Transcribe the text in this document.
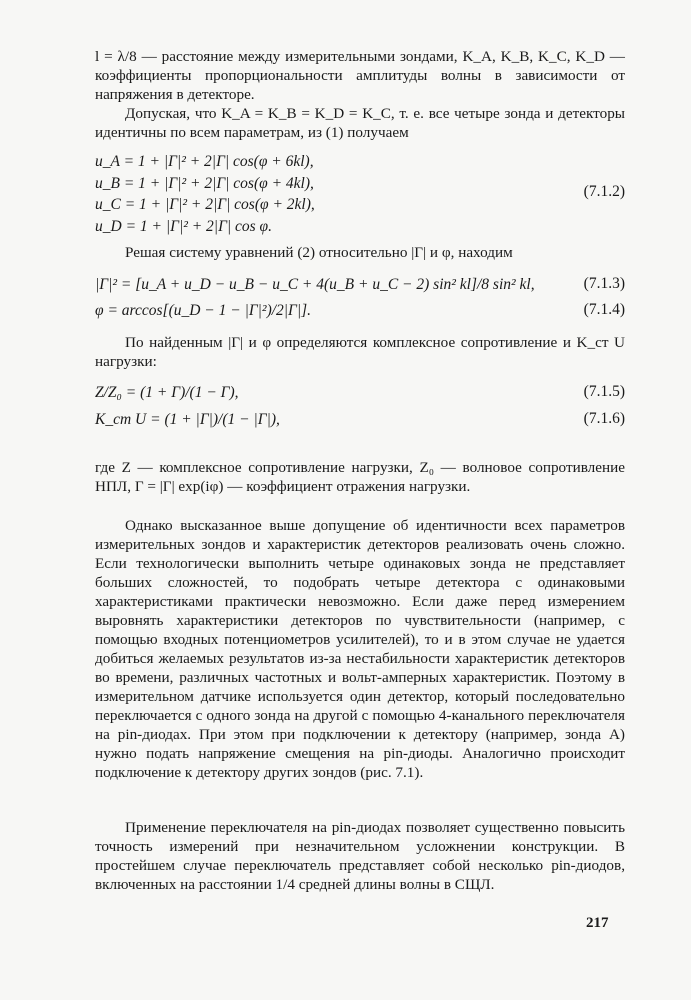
l = λ/8 — расстояние между измерительными зондами, K_A, K_B, K_C, K_D — коэффициенты пропорциональности амплитуды волны в зависимости от напряжения в детекторе.

Допуская, что K_A = K_B = K_D = K_C, т. е. все четыре зонда и детекторы идентичны по всем параметрам, из (1) получаем

u_A = 1 + |Γ|² + 2|Γ| cos(φ + 6kl),
u_B = 1 + |Γ|² + 2|Γ| cos(φ + 4kl),
u_C = 1 + |Γ|² + 2|Γ| cos(φ + 2kl),
u_D = 1 + |Γ|² + 2|Γ| cos φ.
(7.1.2)

Решая систему уравнений (2) относительно |Γ| и φ, находим

|Γ|² = [u_A + u_D − u_B − u_C + 4(u_B + u_C − 2) sin² kl]/8 sin² kl,	(7.1.3)
φ = arccos[(u_D − 1 − |Γ|²)/2|Γ|].	(7.1.4)

По найденным |Γ| и φ определяются комплексное сопротивление и K_ст U нагрузки:

Z/Z₀ = (1 + Γ)/(1 − Γ),	(7.1.5)
K_ст U = (1 + |Γ|)/(1 − |Γ|),	(7.1.6)

где Z — комплексное сопротивление нагрузки, Z₀ — волновое сопротивление НПЛ, Γ = |Γ| exp(iφ) — коэффициент отражения нагрузки.

Однако высказанное выше допущение об идентичности всех параметров измерительных зондов и характеристик детекторов реализовать очень сложно. Если технологически выполнить четыре одинаковых зонда не представляет больших сложностей, то подобрать четыре детектора с одинаковыми характеристиками практически невозможно. Если даже перед измерением выровнять характеристики детекторов по чувствительности (например, с помощью входных потенциометров усилителей), то и в этом случае не удается добиться желаемых результатов из-за нестабильности характеристик детекторов во времени, различных частотных и вольт-амперных характеристик. Поэтому в измерительном датчике используется один детектор, который последовательно переключается с одного зонда на другой с помощью 4-канального переключателя на pin-диодах. При этом при подключении к детектору (например, зонда A) нужно подать напряжение смещения на pin-диоды. Аналогично происходит подключение к детектору других зондов (рис. 7.1).

Применение переключателя на pin-диодах позволяет существенно повысить точность измерений при незначительном усложнении конструкции. В простейшем случае переключатель представляет собой несколько pin-диодов, включенных на расстоянии 1/4 средней длины волны в СЩЛ.

217
